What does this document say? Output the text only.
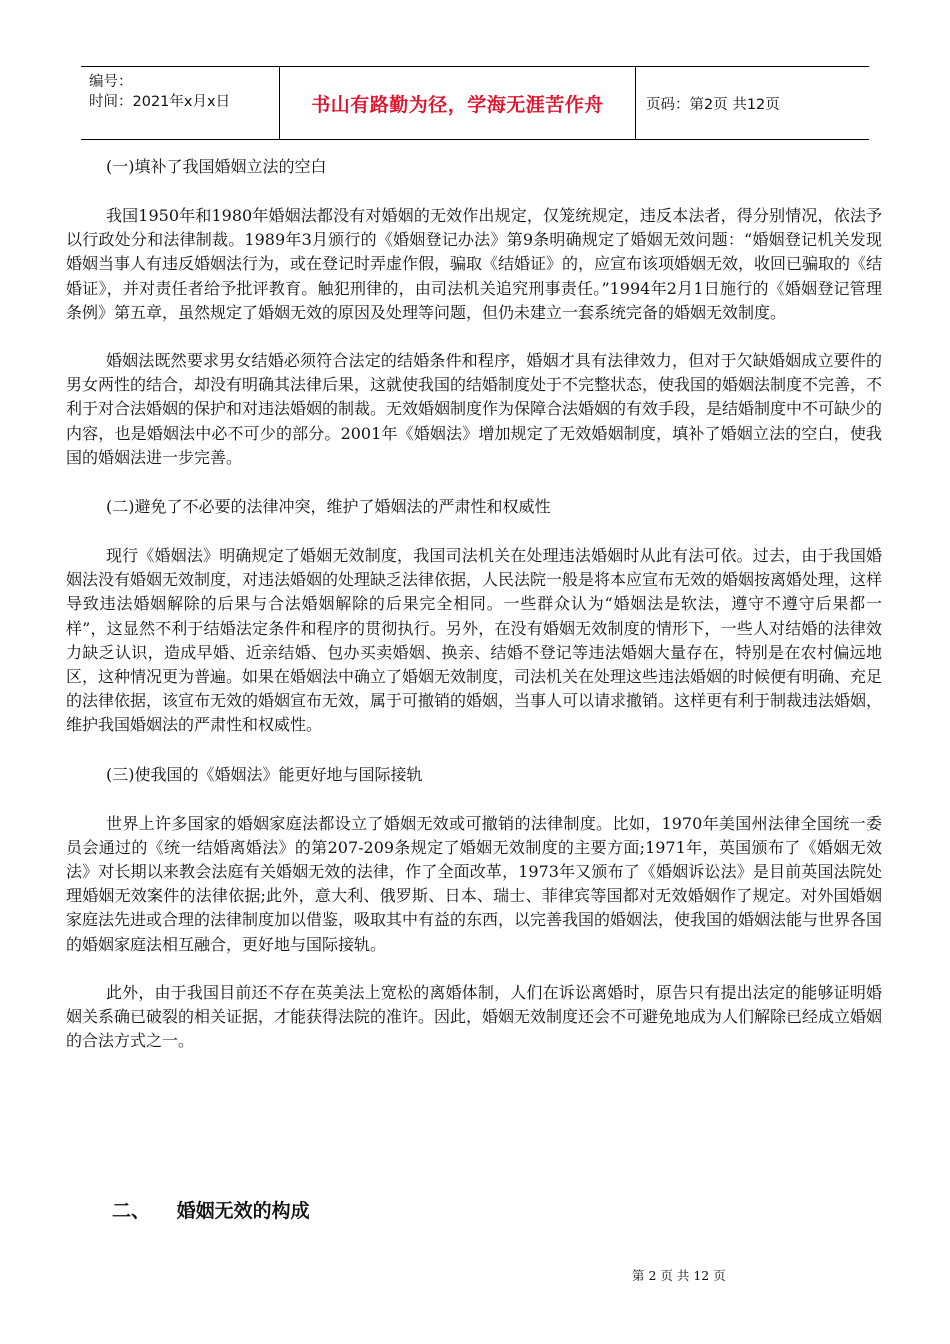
编号：
时间：2021年x月x日	书山有路勤为径，学海无涯苦作舟	页码：第2页 共12页

(一)填补了我国婚姻立法的空白

我国1950年和1980年婚姻法都没有对婚姻的无效作出规定，仅笼统规定，违反本法者，得分别情况，依法予以行政处分和法律制裁。1989年3月颁行的《婚姻登记办法》第9条明确规定了婚姻无效问题：“婚姻登记机关发现婚姻当事人有违反婚姻法行为，或在登记时弄虚作假，骗取《结婚证》的，应宣布该项婚姻无效，收回已骗取的《结婚证》，并对责任者给予批评教育。触犯刑律的，由司法机关追究刑事责任。”1994年2月1日施行的《婚姻登记管理条例》第五章，虽然规定了婚姻无效的原因及处理等问题，但仍未建立一套系统完备的婚姻无效制度。

婚姻法既然要求男女结婚必须符合法定的结婚条件和程序，婚姻才具有法律效力，但对于欠缺婚姻成立要件的男女两性的结合，却没有明确其法律后果，这就使我国的结婚制度处于不完整状态，使我国的婚姻法制度不完善，不利于对合法婚姻的保护和对违法婚姻的制裁。无效婚姻制度作为保障合法婚姻的有效手段，是结婚制度中不可缺少的内容，也是婚姻法中必不可少的部分。2001年《婚姻法》增加规定了无效婚姻制度，填补了婚姻立法的空白，使我国的婚姻法进一步完善。

(二)避免了不必要的法律冲突，维护了婚姻法的严肃性和权威性

现行《婚姻法》明确规定了婚姻无效制度，我国司法机关在处理违法婚姻时从此有法可依。过去，由于我国婚姻法没有婚姻无效制度，对违法婚姻的处理缺乏法律依据，人民法院一般是将本应宣布无效的婚姻按离婚处理，这样导致违法婚姻解除的后果与合法婚姻解除的后果完全相同。一些群众认为“婚姻法是软法，遵守不遵守后果都一样”，这显然不利于结婚法定条件和程序的贯彻执行。另外，在没有婚姻无效制度的情形下，一些人对结婚的法律效力缺乏认识，造成早婚、近亲结婚、包办买卖婚姻、换亲、结婚不登记等违法婚姻大量存在，特别是在农村偏远地区，这种情况更为普遍。如果在婚姻法中确立了婚姻无效制度，司法机关在处理这些违法婚姻的时候便有明确、充足的法律依据，该宣布无效的婚姻宣布无效，属于可撤销的婚姻，当事人可以请求撤销。这样更有利于制裁违法婚姻，维护我国婚姻法的严肃性和权威性。

(三)使我国的《婚姻法》能更好地与国际接轨

世界上许多国家的婚姻家庭法都设立了婚姻无效或可撤销的法律制度。比如，1970年美国州法律全国统一委员会通过的《统一结婚离婚法》的第207-209条规定了婚姻无效制度的主要方面;1971年，英国颁布了《婚姻无效法》对长期以来教会法庭有关婚姻无效的法律，作了全面改革，1973年又颁布了《婚姻诉讼法》是目前英国法院处理婚姻无效案件的法律依据;此外，意大利、俄罗斯、日本、瑞士、菲律宾等国都对无效婚姻作了规定。对外国婚姻家庭法先进或合理的法律制度加以借鉴，吸取其中有益的东西，以完善我国的婚姻法，使我国的婚姻法能与世界各国的婚姻家庭法相互融合，更好地与国际接轨。

此外，由于我国目前还不存在英美法上宽松的离婚体制，人们在诉讼离婚时，原告只有提出法定的能够证明婚姻关系确已破裂的相关证据，才能获得法院的准许。因此，婚姻无效制度还会不可避免地成为人们解除已经成立婚姻的合法方式之一。

二、 婚姻无效的构成
第 2 页 共 12 页
